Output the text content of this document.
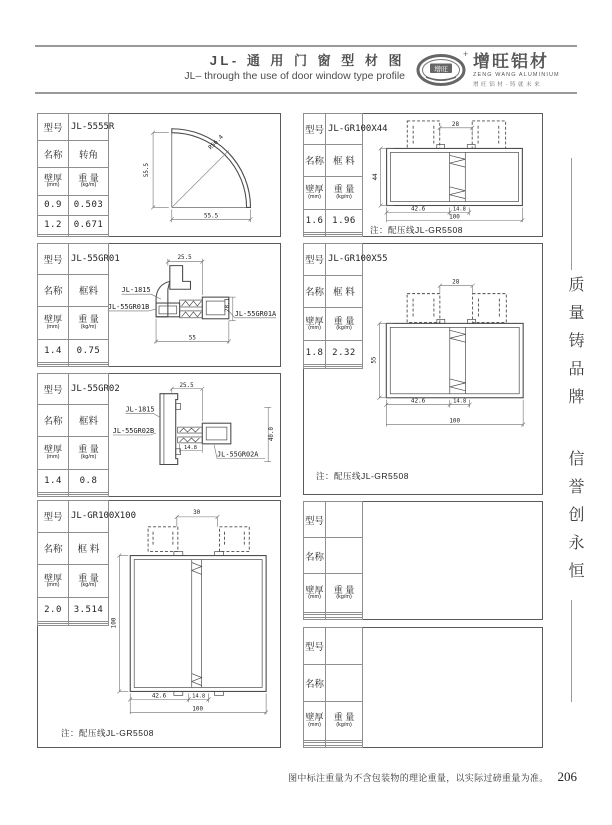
JL- 通 用 门 窗 型 材 图
JL– through the use of door window type profile	增旺
+ 增旺铝材
ZENG WANG ALUMINIUM
增旺铝材·铸就未来
55.5
55.5
R56.4
型号	JL-5555R
名称	转角

壁厚
(mm)

重 量
(kg/m)

0.9	0.503
1.2	0.671

25.5
28.1
55
JL-1815
JL-55GR01B
JL-55GR01A
型号	JL-55GR01
名称	框料

壁厚
(mm)

重 量
(kg/m)

1.4	0.75

25.5
14.8
40.0
JL-1815
JL-55GR02B
JL-55GR02A
型号	JL-55GR02
名称	框料

壁厚
(mm)

重 量
(kg/m)

1.4	0.8

30
100
42.6	14.8
100
注：配压线JL-GR5508
型号	JL-GR100X100
名称	框 料

壁厚
(mm)

重 量
(kg/m)

2.0	3.514

28
44
42.6	14.8
100
注：配压线JL-GR5508
型号	JL-GR100X44
名称	框 料

壁厚
(mm)

重 量
(kg/m)

1.6	1.96

28
55
42.6	14.8
100
注：配压线JL-GR5508
型号	JL-GR100X55
名称	框 料

壁厚
(mm)

重 量
(kg/m)

1.8	2.32

型号	
名称	

壁厚
(mm)

重 量
(kg/m)

型号	
名称	

壁厚
(mm)

重 量
(kg/m)

质量铸品牌
信誉创永恒
图中标注重量为不含包装物的理论重量，以实际过磅重量为准。 206
